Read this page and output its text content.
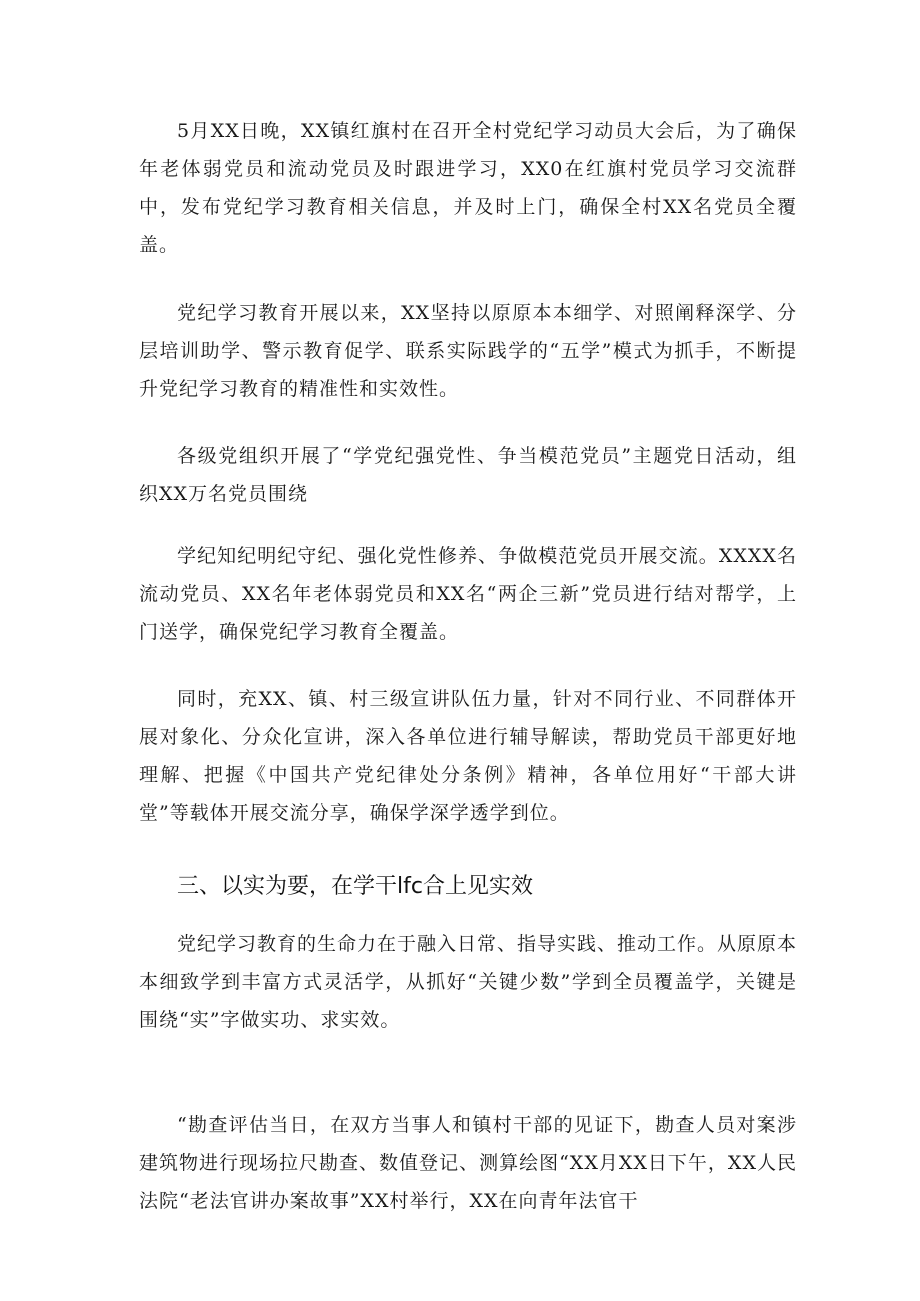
5月XX日晚，XX镇红旗村在召开全村党纪学习动员大会后，为了确保年老体弱党员和流动党员及时跟进学习，XX0在红旗村党员学习交流群中，发布党纪学习教育相关信息，并及时上门，确保全村XX名党员全覆盖。

党纪学习教育开展以来，XX坚持以原原本本细学、对照阐释深学、分层培训助学、警示教育促学、联系实际践学的“五学”模式为抓手，不断提升党纪学习教育的精准性和实效性。

各级党组织开展了“学党纪强党性、争当模范党员”主题党日活动，组织XX万名党员围绕

学纪知纪明纪守纪、强化党性修养、争做模范党员开展交流。XXXX名流动党员、XX名年老体弱党员和XX名“两企三新”党员进行结对帮学，上门送学，确保党纪学习教育全覆盖。

同时，充XX、镇、村三级宣讲队伍力量，针对不同行业、不同群体开展对象化、分众化宣讲，深入各单位进行辅导解读，帮助党员干部更好地理解、把握《中国共产党纪律处分条例》精神，各单位用好“干部大讲堂”等载体开展交流分享，确保学深学透学到位。

三、以实为要，在学干lfc合上见实效

党纪学习教育的生命力在于融入日常、指导实践、推动工作。从原原本本细致学到丰富方式灵活学，从抓好“关键少数”学到全员覆盖学，关键是围绕“实”字做实功、求实效。

“勘查评估当日，在双方当事人和镇村干部的见证下，勘查人员对案涉建筑物进行现场拉尺勘查、数值登记、测算绘图“XX月XX日下午，XX人民法院“老法官讲办案故事”XX村举行，XX在向青年法官干
